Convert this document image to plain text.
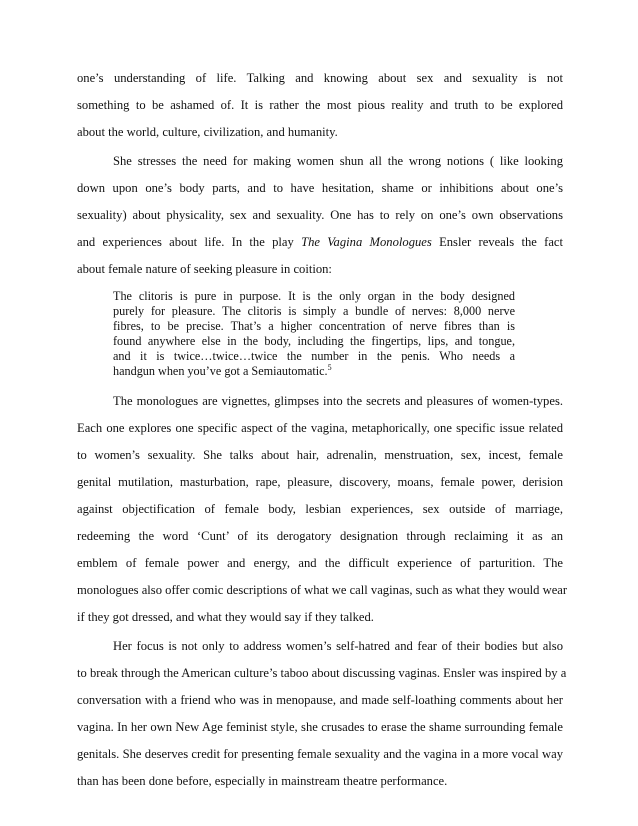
one’s understanding of life. Talking and knowing about sex and sexuality is not
something to be ashamed of. It is rather the most pious reality and truth to be explored
about the world, culture, civilization, and humanity.
She stresses the need for making women shun all the wrong notions ( like looking
down upon one’s body parts, and to have hesitation, shame or inhibitions about one’s
sexuality) about physicality, sex and sexuality. One has to rely on one’s own observations
and experiences about life. In the play The Vagina Monologues Ensler reveals the fact
about female nature of seeking pleasure in coition:
The clitoris is pure in purpose. It is the only organ in the body designed
purely for pleasure. The clitoris is simply a bundle of nerves: 8,000 nerve
fibres, to be precise. That’s a higher concentration of nerve fibres than is
found anywhere else in the body, including the fingertips, lips, and tongue,
and it is twice…twice…twice the number in the penis. Who needs a
handgun when you’ve got a Semiautomatic.$^5$
The monologues are vignettes, glimpses into the secrets and pleasures of women-types.
Each one explores one specific aspect of the vagina, metaphorically, one specific issue related
to women’s sexuality. She talks about hair, adrenalin, menstruation, sex, incest, female
genital mutilation, masturbation, rape, pleasure, discovery, moans, female power, derision
against objectification of female body, lesbian experiences, sex outside of marriage,
redeeming the word ‘Cunt’ of its derogatory designation through reclaiming it as an
emblem of female power and energy, and the difficult experience of parturition. The
monologues also offer comic descriptions of what we call vaginas, such as what they would wear
if they got dressed, and what they would say if they talked.
Her focus is not only to address women’s self-hatred and fear of their bodies but also
to break through the American culture’s taboo about discussing vaginas. Ensler was inspired by a
conversation with a friend who was in menopause, and made self-loathing comments about her
vagina. In her own New Age feminist style, she crusades to erase the shame surrounding female
genitals. She deserves credit for presenting female sexuality and the vagina in a more vocal way
than has been done before, especially in mainstream theatre performance.
